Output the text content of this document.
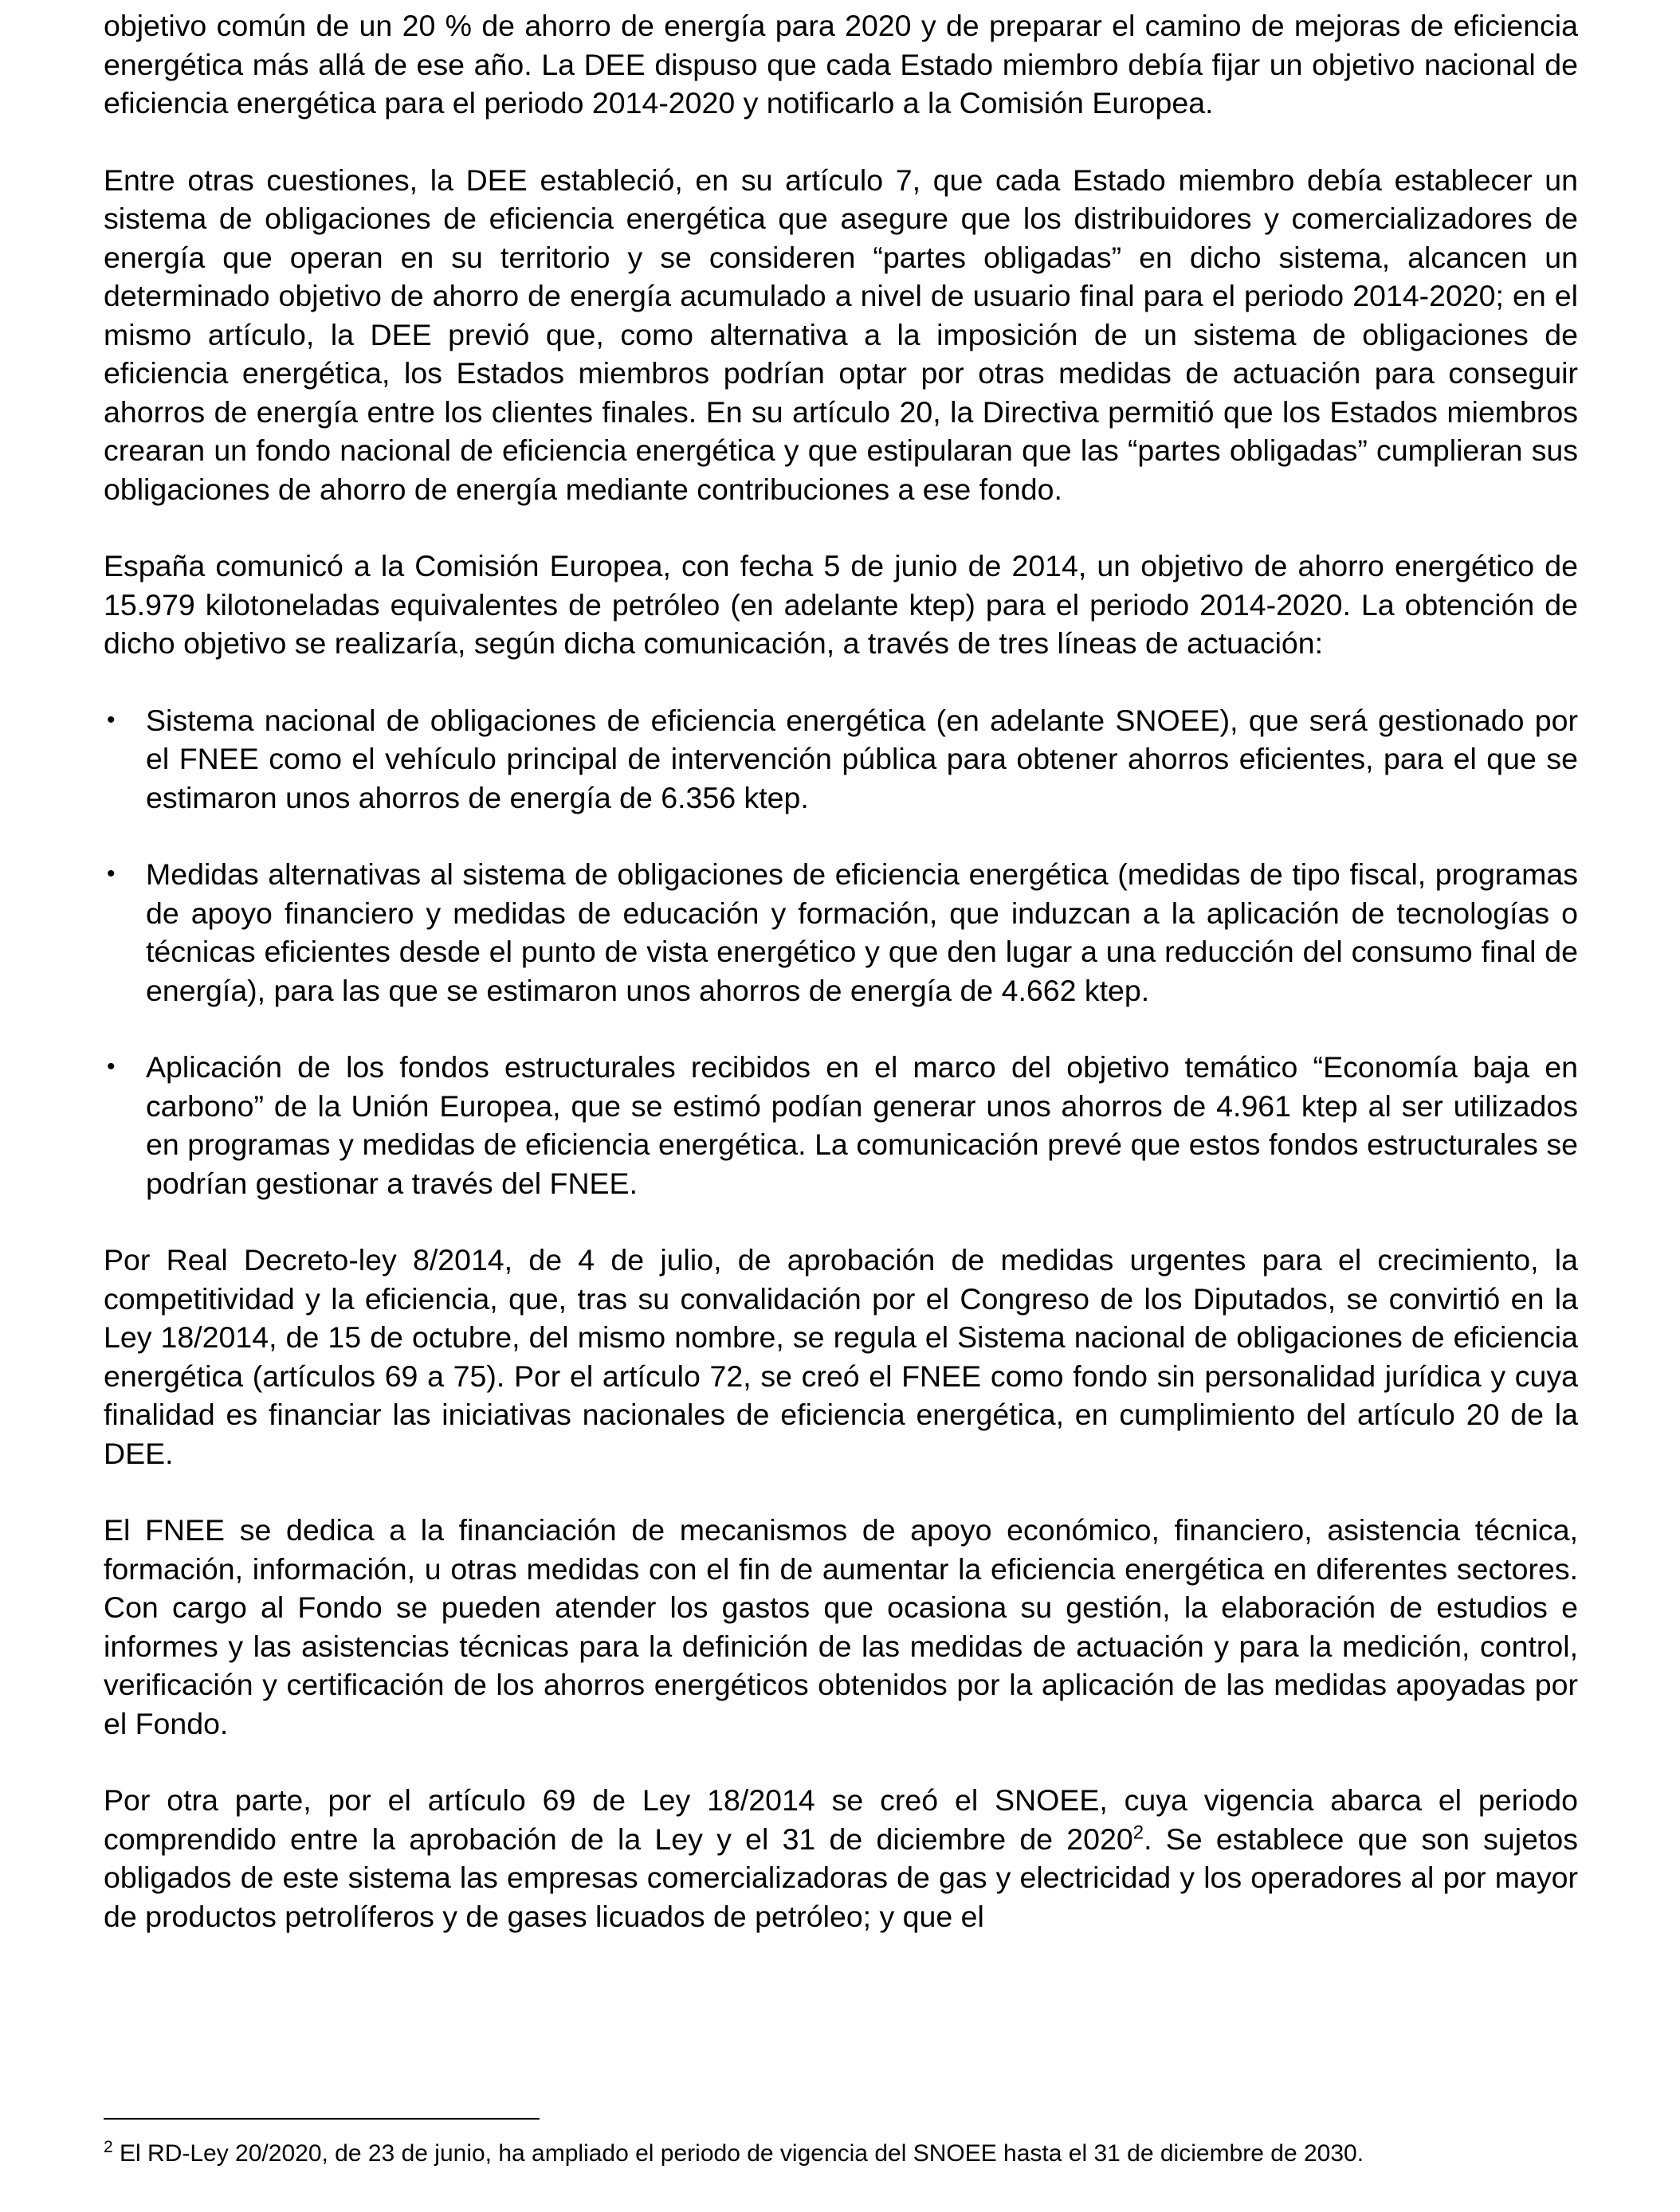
objetivo común de un 20 % de ahorro de energía para 2020 y de preparar el camino de mejoras de eficiencia energética más allá de ese año. La DEE dispuso que cada Estado miembro debía fijar un objetivo nacional de eficiencia energética para el periodo 2014-2020 y notificarlo a la Comisión Europea.

Entre otras cuestiones, la DEE estableció, en su artículo 7, que cada Estado miembro debía establecer un sistema de obligaciones de eficiencia energética que asegure que los distribuidores y comercializadores de energía que operan en su territorio y se consideren “partes obligadas” en dicho sistema, alcancen un determinado objetivo de ahorro de energía acumulado a nivel de usuario final para el periodo 2014-2020; en el mismo artículo, la DEE previó que, como alternativa a la imposición de un sistema de obligaciones de eficiencia energética, los Estados miembros podrían optar por otras medidas de actuación para conseguir ahorros de energía entre los clientes finales. En su artículo 20, la Directiva permitió que los Estados miembros crearan un fondo nacional de eficiencia energética y que estipularan que las “partes obligadas” cumplieran sus obligaciones de ahorro de energía mediante contribuciones a ese fondo.

España comunicó a la Comisión Europea, con fecha 5 de junio de 2014, un objetivo de ahorro energético de 15.979 kilotoneladas equivalentes de petróleo (en adelante ktep) para el periodo 2014-2020. La obtención de dicho objetivo se realizaría, según dicha comunicación, a través de tres líneas de actuación:

• Sistema nacional de obligaciones de eficiencia energética (en adelante SNOEE), que será gestionado por el FNEE como el vehículo principal de intervención pública para obtener ahorros eficientes, para el que se estimaron unos ahorros de energía de 6.356 ktep.
• Medidas alternativas al sistema de obligaciones de eficiencia energética (medidas de tipo fiscal, programas de apoyo financiero y medidas de educación y formación, que induzcan a la aplicación de tecnologías o técnicas eficientes desde el punto de vista energético y que den lugar a una reducción del consumo final de energía), para las que se estimaron unos ahorros de energía de 4.662 ktep.
• Aplicación de los fondos estructurales recibidos en el marco del objetivo temático “Economía baja en carbono” de la Unión Europea, que se estimó podían generar unos ahorros de 4.961 ktep al ser utilizados en programas y medidas de eficiencia energética. La comunicación prevé que estos fondos estructurales se podrían gestionar a través del FNEE.

Por Real Decreto-ley 8/2014, de 4 de julio, de aprobación de medidas urgentes para el crecimiento, la competitividad y la eficiencia, que, tras su convalidación por el Congreso de los Diputados, se convirtió en la Ley 18/2014, de 15 de octubre, del mismo nombre, se regula el Sistema nacional de obligaciones de eficiencia energética (artículos 69 a 75). Por el artículo 72, se creó el FNEE como fondo sin personalidad jurídica y cuya finalidad es financiar las iniciativas nacionales de eficiencia energética, en cumplimiento del artículo 20 de la DEE.

El FNEE se dedica a la financiación de mecanismos de apoyo económico, financiero, asistencia técnica, formación, información, u otras medidas con el fin de aumentar la eficiencia energética en diferentes sectores. Con cargo al Fondo se pueden atender los gastos que ocasiona su gestión, la elaboración de estudios e informes y las asistencias técnicas para la definición de las medidas de actuación y para la medición, control, verificación y certificación de los ahorros energéticos obtenidos por la aplicación de las medidas apoyadas por el Fondo.

Por otra parte, por el artículo 69 de Ley 18/2014 se creó el SNOEE, cuya vigencia abarca el periodo comprendido entre la aprobación de la Ley y el 31 de diciembre de 2020$^2$. Se establece que son sujetos obligados de este sistema las empresas comercializadoras de gas y electricidad y los operadores al por mayor de productos petrolíferos y de gases licuados de petróleo; y que el

$^2$ El RD-Ley 20/2020, de 23 de junio, ha ampliado el periodo de vigencia del SNOEE hasta el 31 de diciembre de 2030.
